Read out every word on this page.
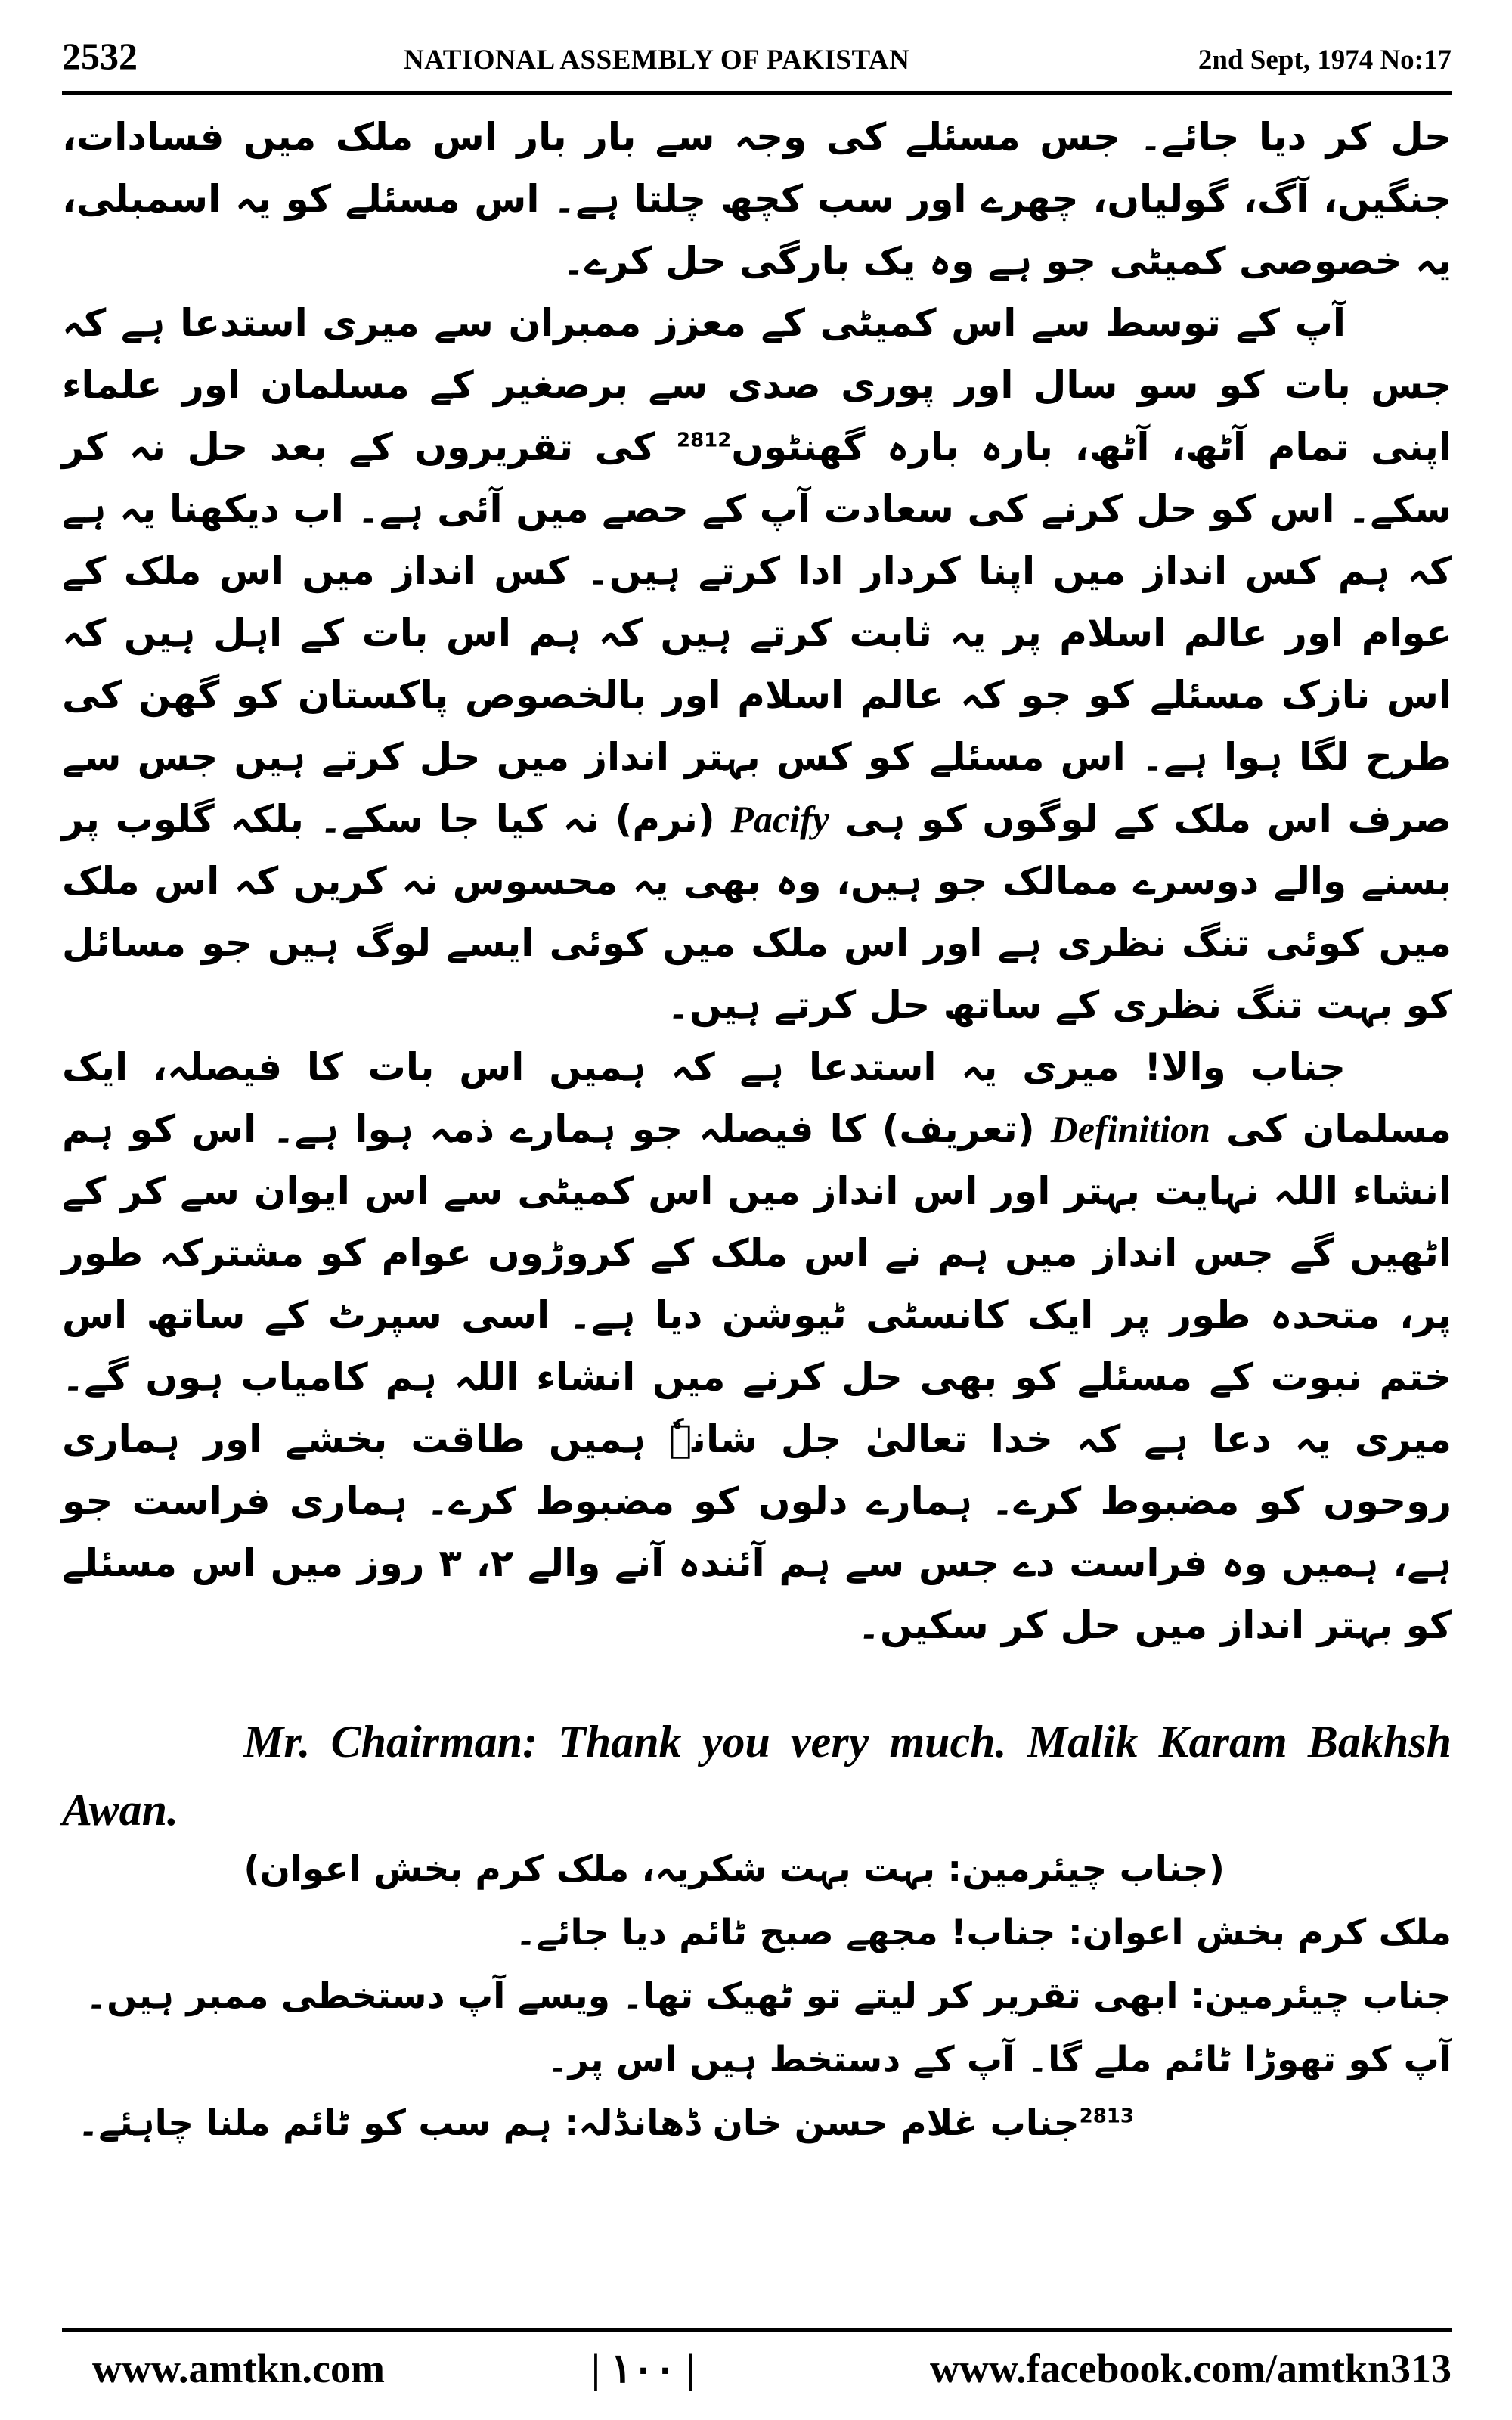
2532	NATIONAL ASSEMBLY OF PAKISTAN	2nd Sept, 1974 No:17

حل کر دیا جائے۔ جس مسئلے کی وجہ سے بار بار اس ملک میں فسادات، جنگیں، آگ، گولیاں، چھرے اور سب کچھ چلتا ہے۔ اس مسئلے کو یہ اسمبلی، یہ خصوصی کمیٹی جو ہے وہ یک بارگی حل کرے۔

آپ کے توسط سے اس کمیٹی کے معزز ممبران سے میری استدعا ہے کہ جس بات کو سو سال اور پوری صدی سے برصغیر کے مسلمان اور علماء اپنی تمام آٹھ، آٹھ، بارہ بارہ گھنٹوں$^{2812}$ کی تقریروں کے بعد حل نہ کر سکے۔ اس کو حل کرنے کی سعادت آپ کے حصے میں آئی ہے۔ اب دیکھنا یہ ہے کہ ہم کس انداز میں اپنا کردار ادا کرتے ہیں۔ کس انداز میں اس ملک کے عوام اور عالم اسلام پر یہ ثابت کرتے ہیں کہ ہم اس بات کے اہل ہیں کہ اس نازک مسئلے کو جو کہ عالم اسلام اور بالخصوص پاکستان کو گھن کی طرح لگا ہوا ہے۔ اس مسئلے کو کس بہتر انداز میں حل کرتے ہیں جس سے صرف اس ملک کے لوگوں کو ہی Pacify (نرم) نہ کیا جا سکے۔ بلکہ گلوب پر بسنے والے دوسرے ممالک جو ہیں، وہ بھی یہ محسوس نہ کریں کہ اس ملک میں کوئی تنگ نظری ہے اور اس ملک میں کوئی ایسے لوگ ہیں جو مسائل کو بہت تنگ نظری کے ساتھ حل کرتے ہیں۔

جناب والا! میری یہ استدعا ہے کہ ہمیں اس بات کا فیصلہ، ایک مسلمان کی Definition (تعریف) کا فیصلہ جو ہمارے ذمہ ہوا ہے۔ اس کو ہم انشاء اللہ نہایت بہتر اور اس انداز میں اس کمیٹی سے اس ایوان سے کر کے اٹھیں گے جس انداز میں ہم نے اس ملک کے کروڑوں عوام کو مشترکہ طور پر، متحدہ طور پر ایک کانسٹی ٹیوشن دیا ہے۔ اسی سپرٹ کے ساتھ اس ختم نبوت کے مسئلے کو بھی حل کرنے میں انشاء اللہ ہم کامیاب ہوں گے۔ میری یہ دعا ہے کہ خدا تعالیٰ جل شانہٗ ہمیں طاقت بخشے اور ہماری روحوں کو مضبوط کرے۔ ہمارے دلوں کو مضبوط کرے۔ ہماری فراست جو ہے، ہمیں وہ فراست دے جس سے ہم آئندہ آنے والے ۲، ۳ روز میں اس مسئلے کو بہتر انداز میں حل کر سکیں۔

Mr. Chairman: Thank you very much. Malik Karam Bakhsh Awan.

(جناب چیئرمین: بہت بہت شکریہ، ملک کرم بخش اعوان)

ملک کرم بخش اعوان: جناب! مجھے صبح ٹائم دیا جائے۔

جناب چیئرمین: ابھی تقریر کر لیتے تو ٹھیک تھا۔ ویسے آپ دستخطی ممبر ہیں۔ آپ کو تھوڑا ٹائم ملے گا۔ آپ کے دستخط ہیں اس پر۔

$^{2813}$جناب غلام حسن خان ڈھانڈلہ: ہم سب کو ٹائم ملنا چاہئے۔

www.amtkn.com	| ۱۰۰ |	www.facebook.com/amtkn313
